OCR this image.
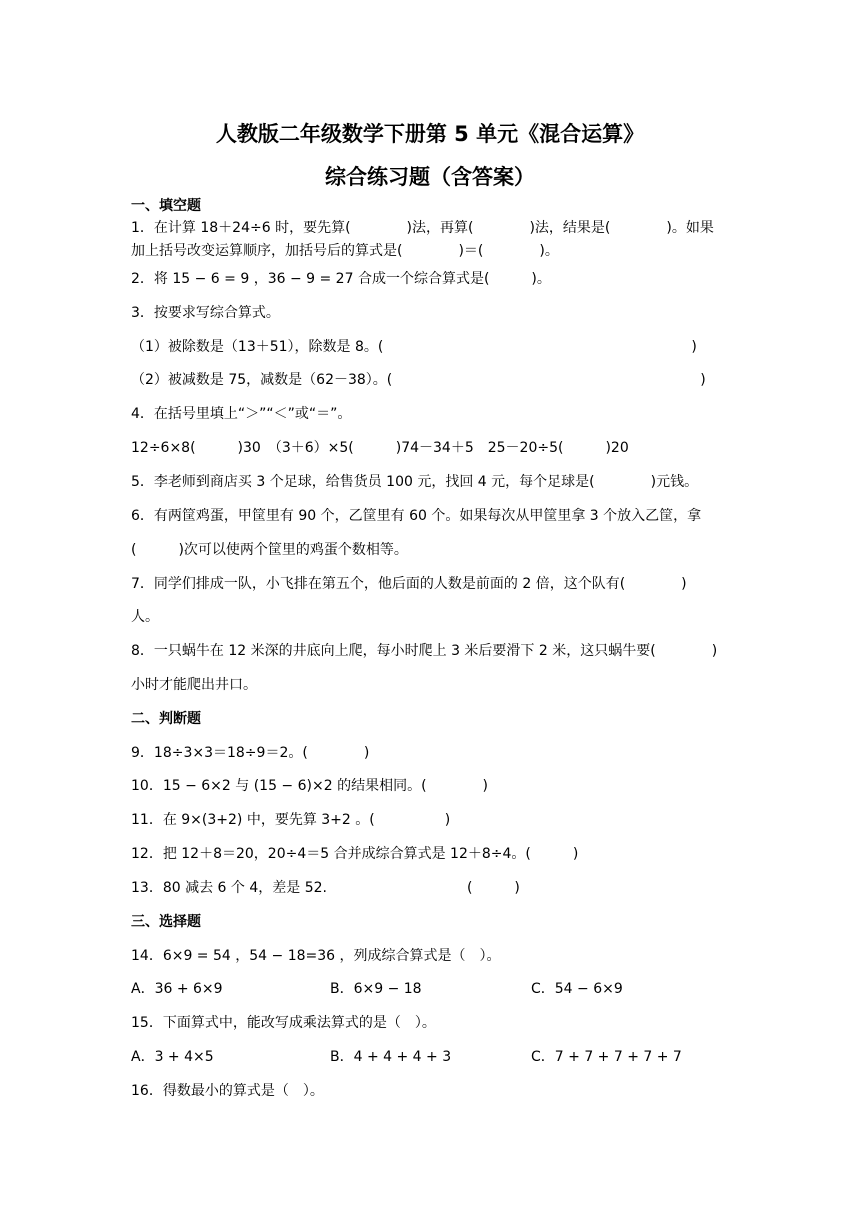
人教版二年级数学下册第 5 单元《混合运算》
综合练习题（含答案）
一、填空题
1．在计算 18＋24÷6 时，要先算(　　　　)法，再算(　　　　)法，结果是(　　　　)。如果
加上括号改变运算顺序，加括号后的算式是(　　　　)＝(　　　　)。
2．将 15 − 6 = 9 ，36 − 9 = 27 合成一个综合算式是(　　　)。
3．按要求写综合算式。
（1）被除数是（13＋51），除数是 8。(　　　　　　　　　　　　　　　　　　　　　　)
（2）被减数是 75，减数是（62－38）。(　　　　　　　　　　　　　　　　　　　　　　)
4．在括号里填上“＞”“＜”或“＝”。
12÷6×8(　　　)30　（3＋6）×5(　　　)74－34＋5　25－20÷5(　　　)20
5．李老师到商店买 3 个足球，给售货员 100 元，找回 4 元，每个足球是(　　　　)元钱。
6．有两筐鸡蛋，甲筐里有 90 个，乙筐里有 60 个。如果每次从甲筐里拿 3 个放入乙筐，拿
(　　　)次可以使两个筐里的鸡蛋个数相等。
7．同学们排成一队，小飞排在第五个，他后面的人数是前面的 2 倍，这个队有(　　　　)
人。
8．一只蜗牛在 12 米深的井底向上爬，每小时爬上 3 米后要滑下 2 米，这只蜗牛要(　　　　)
小时才能爬出井口。
二、判断题
9．18÷3×3＝18÷9＝2。(　　　　)
10．15 − 6×2 与 (15 − 6)×2 的结果相同。(　　　　)
11．在 9×(3+2) 中，要先算 3+2 。(　　　　　)
12．把 12＋8＝20，20÷4＝5 合并成综合算式是 12＋8÷4。(　　　)
13．80 减去 6 个 4，差是 52.　　　　　　　　　　(　　　)
三、选择题
14．6×9 = 54 ，54 − 18=36 ，列成综合算式是（　）。
A．36 + 6×9	B．6×9 − 18	C．54 − 6×9
15．下面算式中，能改写成乘法算式的是（　）。
A．3 + 4×5	B．4 + 4 + 4 + 3	C．7 + 7 + 7 + 7 + 7
16．得数最小的算式是（　）。
